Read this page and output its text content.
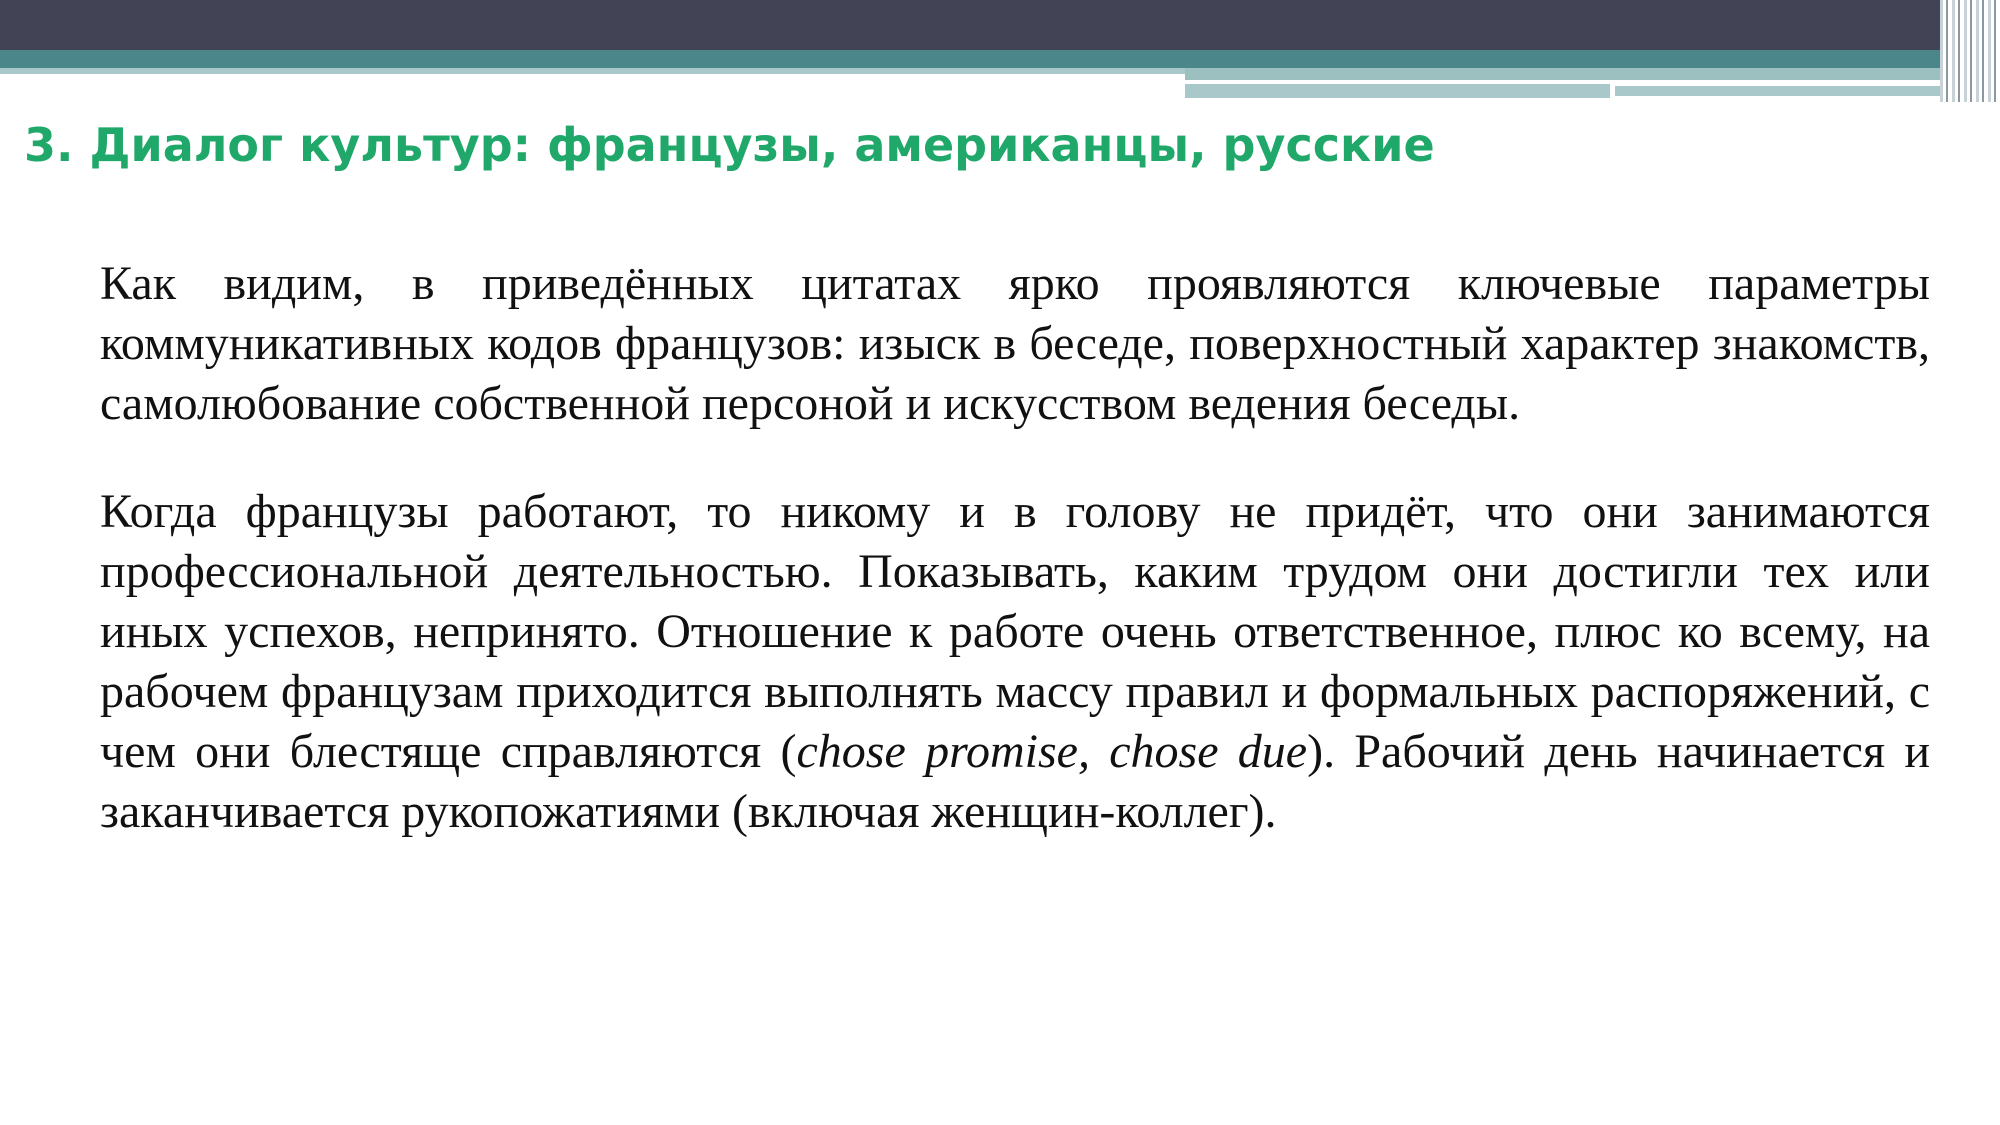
3. Диалог культур: французы, американцы, русские

Как видим, в приведённых цитатах ярко проявляются ключевые параметры коммуникативных кодов французов: изыск в беседе, поверхностный характер знакомств, самолюбование собственной персоной и искусством ведения беседы.

Когда французы работают, то никому и в голову не придёт, что они занимаются профессиональной деятельностью. Показывать, каким трудом они достигли тех или иных успехов, непринято. Отношение к работе очень ответственное, плюс ко всему, на рабочем французам приходится выполнять массу правил и формальных распоряжений, с чем они блестяще справляются (chose promise, chose due). Рабочий день начинается и заканчивается рукопожатиями (включая женщин-коллег).
